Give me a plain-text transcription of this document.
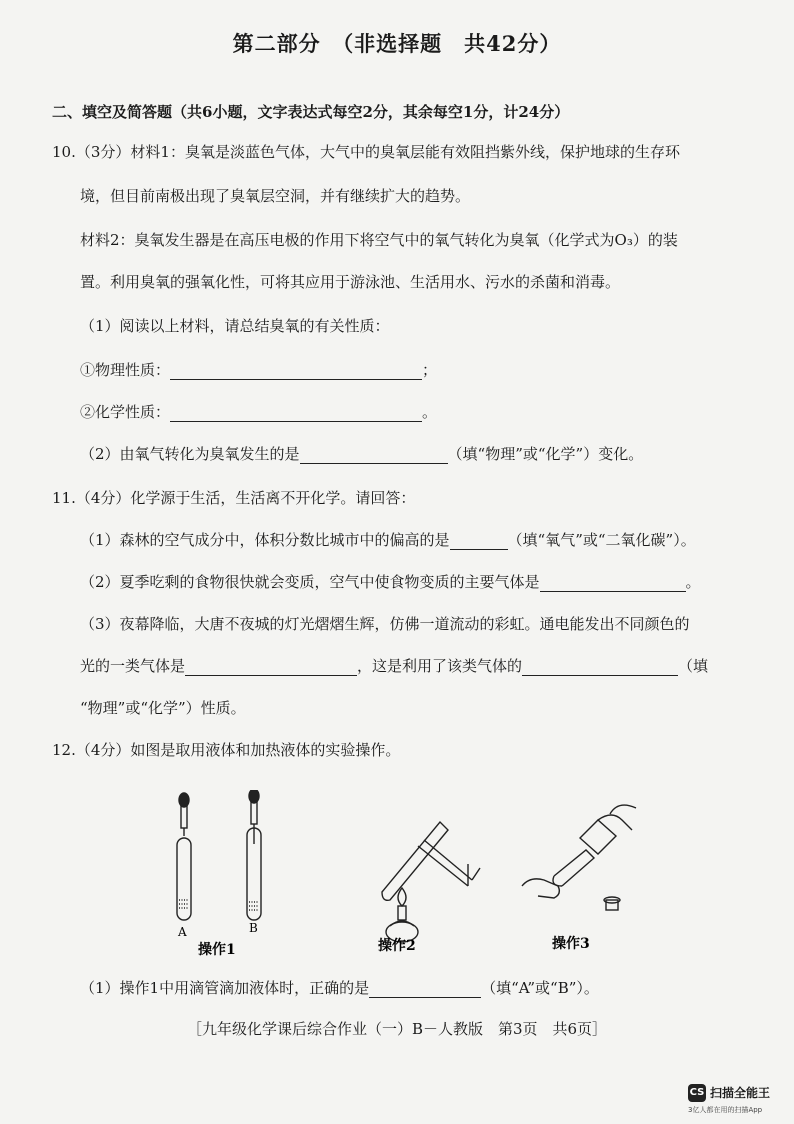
第二部分　（非选择题　共42分）
二、填空及简答题（共6小题，文字表达式每空2分，其余每空1分，计24分）
10.（3分）材料1：臭氧是淡蓝色气体，大气中的臭氧层能有效阻挡紫外线，保护地球的生存环
境，但目前南极出现了臭氧层空洞，并有继续扩大的趋势。
材料2：臭氧发生器是在高压电极的作用下将空气中的氧气转化为臭氧（化学式为O₃）的装
置。利用臭氧的强氧化性，可将其应用于游泳池、生活用水、污水的杀菌和消毒。
（1）阅读以上材料，请总结臭氧的有关性质：
①物理性质：	；
②化学性质：	。
（2）由氧气转化为臭氧发生的是	（填“物理”或“化学”）变化。
11.（4分）化学源于生活，生活离不开化学。请回答：
（1）森林的空气成分中，体积分数比城市中的偏高的是	（填“氧气”或“二氧化碳”）。
（2）夏季吃剩的食物很快就会变质，空气中使食物变质的主要气体是	。
（3）夜幕降临，大唐不夜城的灯光熠熠生辉，仿佛一道流动的彩虹。通电能发出不同颜色的
光的一类气体是	，这是利用了该类气体的	（填
“物理”或“化学”）性质。
12.（4分）如图是取用液体和加热液体的实验操作。
A	B
操作1	操作2	操作3
（1）操作1中用滴管滴加液体时，正确的是	（填“A”或“B”）。
［九年级化学课后综合作业（一）B－人教版　第3页　共6页］
CS 扫描全能王
3亿人都在用的扫描App
